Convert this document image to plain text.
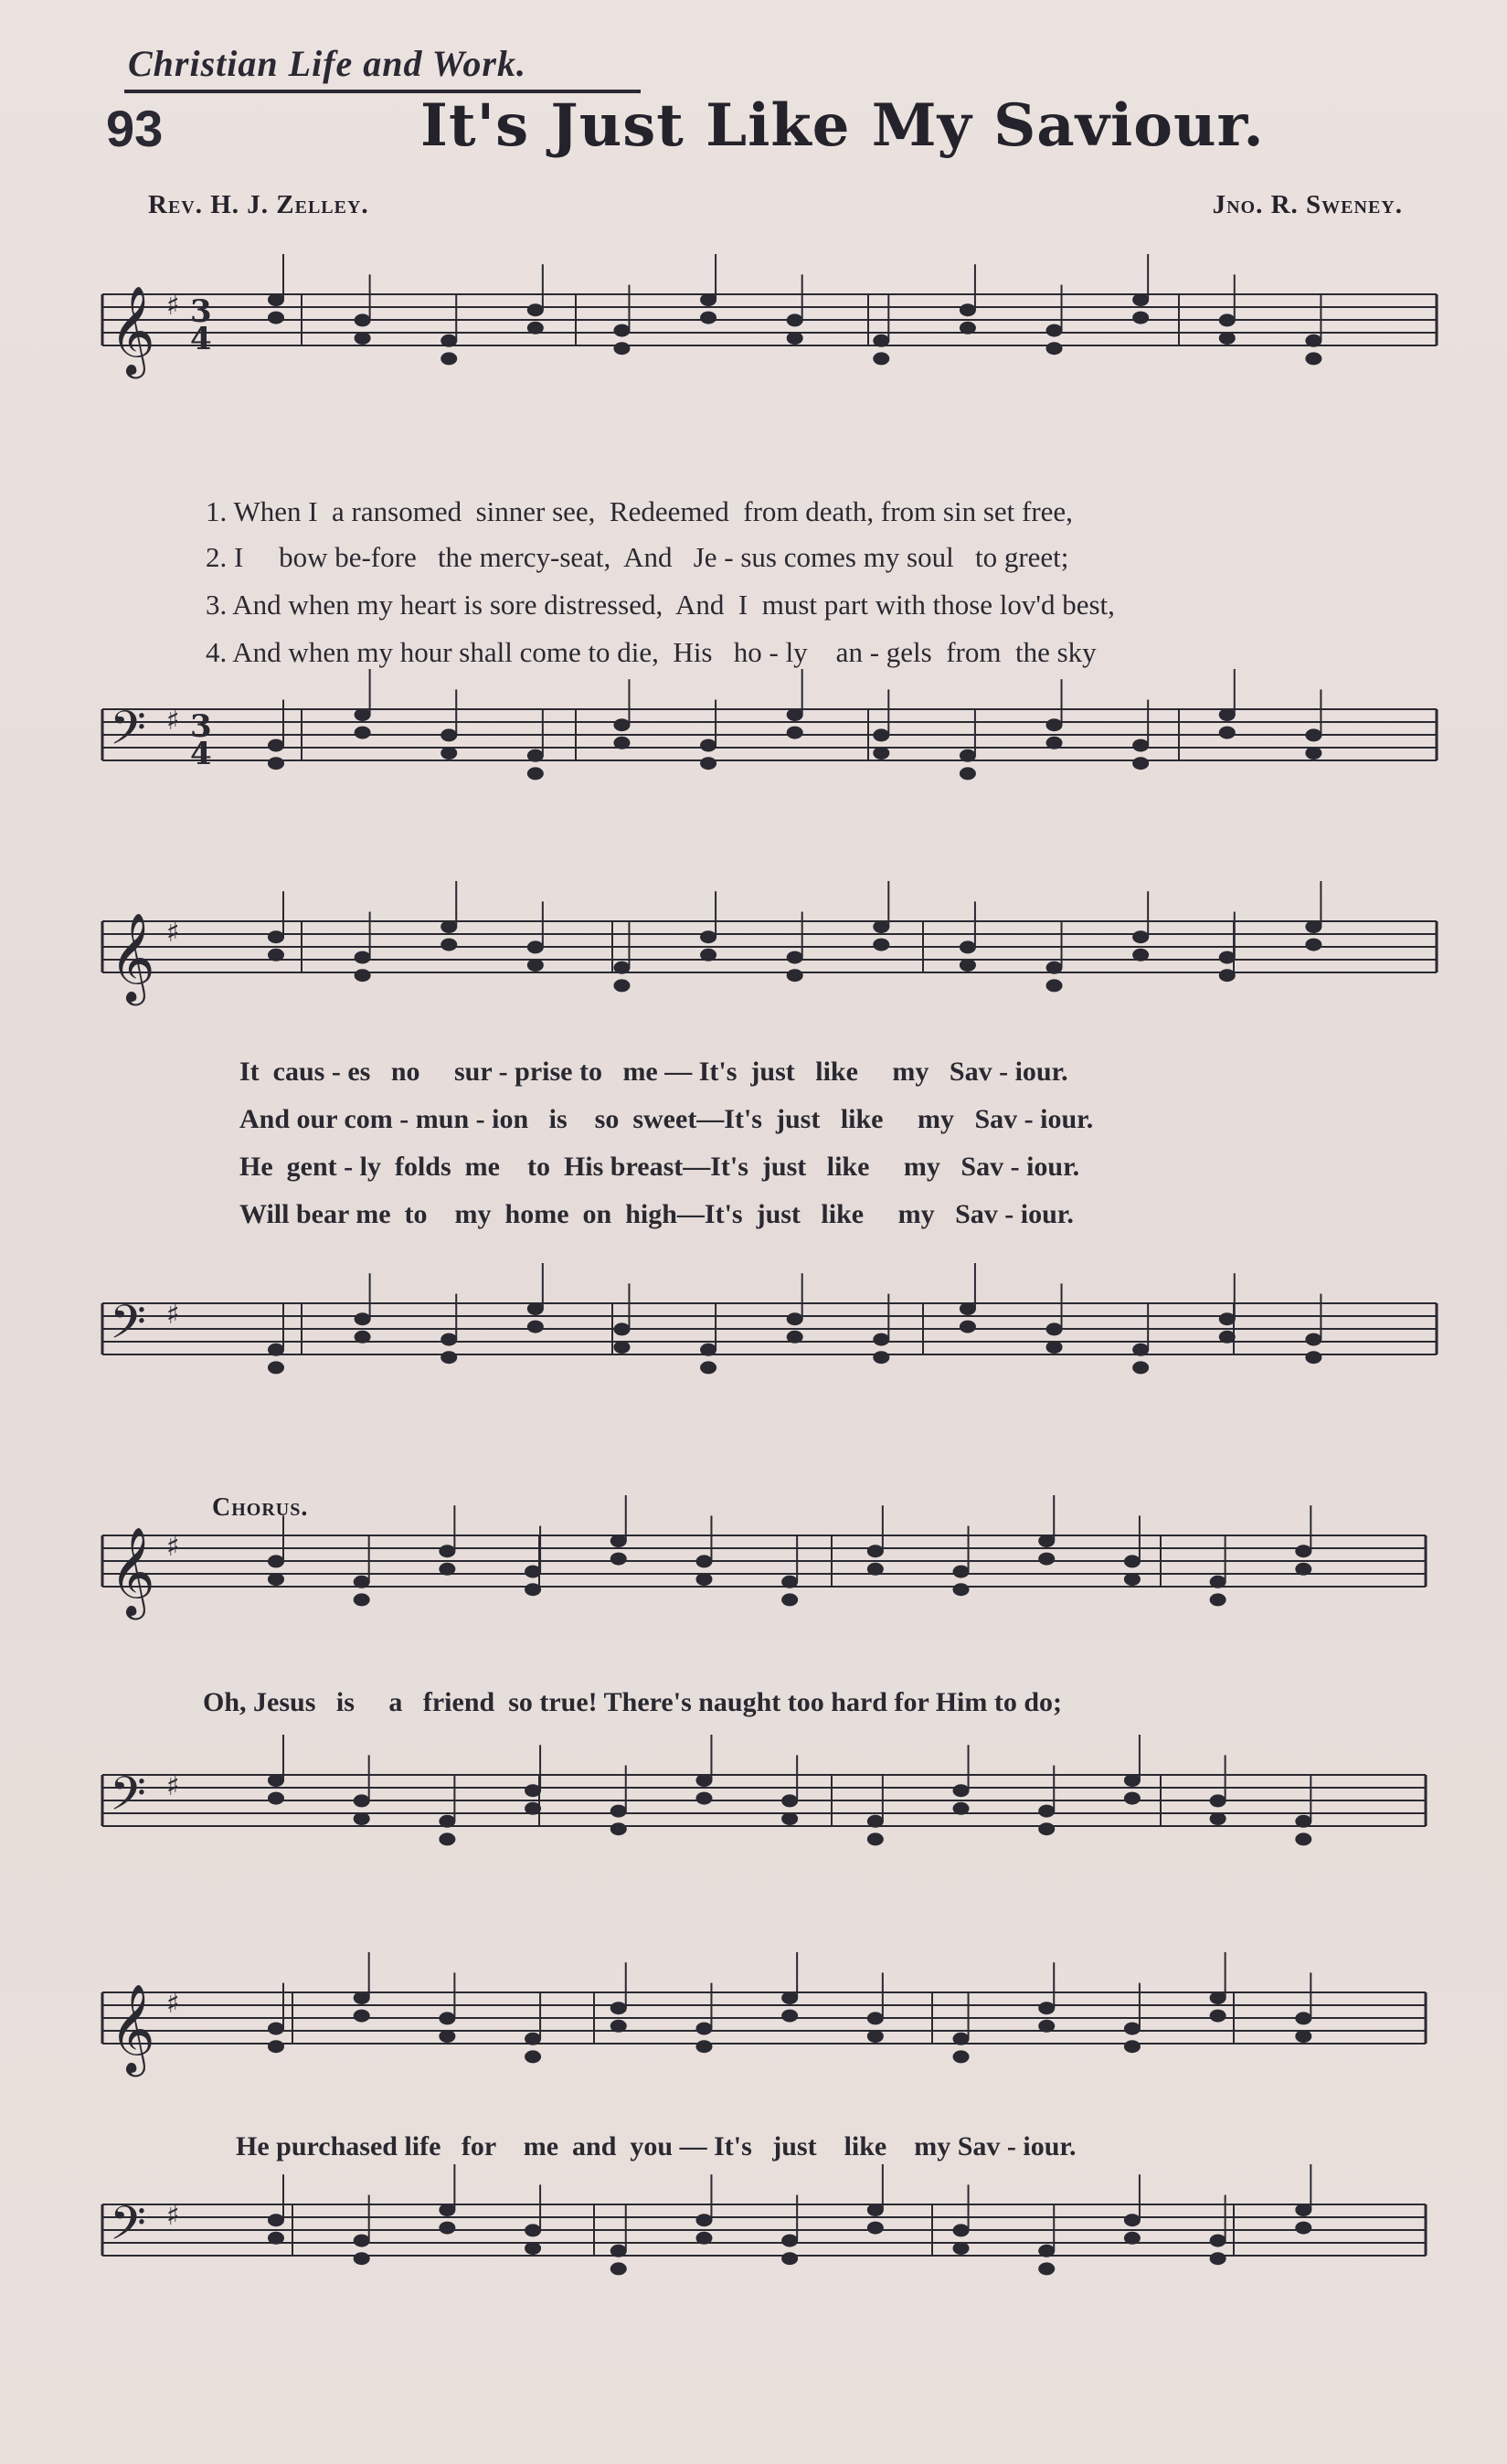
Christian Life and Work.
93	It's Just Like My Saviour.
Rev. H. J. Zelley.	Jno. R. Sweney.
𝄞 ♯ 3
4
𝄢 ♯ 3
4
𝄞 ♯
𝄢 ♯
𝄞 ♯
𝄢 ♯
𝄞 ♯
𝄢 ♯

1. When I  a ransomed  sinner see,  Redeemed  from death, from sin set free,

2. I     bow be-fore   the mercy-seat,  And   Je - sus comes my soul   to greet;

3. And when my heart is sore distressed,  And  I  must part with those lov'd best,

4. And when my hour shall come to die,  His   ho - ly    an - gels  from  the sky

It  caus - es   no     sur - prise to   me — It's  just   like     my   Sav - iour.
And our com - mun - ion   is    so  sweet—It's  just   like     my   Sav - iour.
He  gent - ly  folds  me    to  His breast—It's  just   like     my   Sav - iour.
Will bear me  to    my  home  on  high—It's  just   like     my   Sav - iour.
Chorus.
Oh, Jesus   is     a   friend  so true! There's naught too hard for Him to do;
He purchased life   for    me  and  you — It's   just    like    my Sav - iour.
